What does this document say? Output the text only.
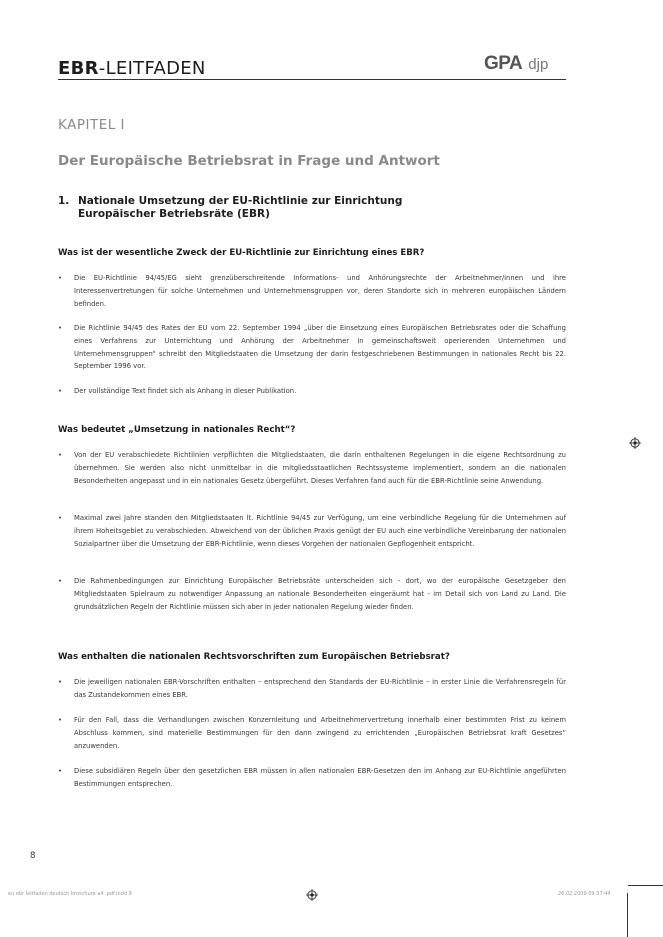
EBR-LEITFADEN	GPA djp
KAPITEL I
Der Europäische Betriebsrat in Frage und Antwort
1. Nationale Umsetzung der EU-Richtlinie zur Einrichtung
Europäischer Betriebsräte (EBR)
Was ist der wesentliche Zweck der EU-Richtlinie zur Einrichtung eines EBR?
•	Die EU-Richtlinie 94/45/EG sieht grenzüberschreitende Informations- und Anhörungsrechte der Arbeitnehmer/innen und ihre Interessenvertretungen für solche Unternehmen und Unternehmensgruppen vor, deren Standorte sich in mehreren europäischen Ländern befinden.
•	Die Richtlinie 94/45 des Rates der EU vom 22. September 1994 „über die Einsetzung eines Europäischen Betriebsrates oder die Schaffung eines Verfahrens zur Unterrichtung und Anhörung der Arbeitnehmer in gemeinschaftsweit operierenden Unternehmen und Unternehmensgruppen“ schreibt den Mitgliedstaaten die Umsetzung der darin festgeschriebenen Bestimmungen in nationales Recht bis 22. September 1996 vor.
•	Der vollständige Text findet sich als Anhang in dieser Publikation.
Was bedeutet „Umsetzung in nationales Recht“?
•	Von der EU verabschiedete Richtlinien verpflichten die Mitgliedstaaten, die darin enthaltenen Regelungen in die eigene Rechtsordnung zu übernehmen. Sie werden also nicht unmittelbar in die mitgliedsstaatlichen Rechtssysteme implementiert, sondern an die nationalen Besonderheiten angepasst und in ein nationales Gesetz übergeführt. Dieses Verfahren fand auch für die EBR-Richtlinie seine Anwendung.
•	Maximal zwei Jahre standen den Mitgliedstaaten lt. Richtlinie 94/45 zur Verfügung, um eine verbindliche Regelung für die Unternehmen auf ihrem Hoheitsgebiet zu verabschieden. Abweichend von der üblichen Praxis genügt der EU auch eine verbindliche Vereinbarung der nationalen Sozialpartner über die Umsetzung der EBR-Richtlinie, wenn dieses Vorgehen der nationalen Gepflogenheit entspricht.
•	Die Rahmenbedingungen zur Einrichtung Europäischer Betriebsräte unterscheiden sich - dort, wo der europäische Gesetzgeber den Mitgliedstaaten Spielraum zu notwendiger Anpassung an nationale Besonderheiten eingeräumt hat - im Detail sich von Land zu Land. Die grundsätzlichen Regeln der Richtlinie müssen sich aber in jeder nationalen Regelung wieder finden.
Was enthalten die nationalen Rechtsvorschriften zum Europäischen Betriebsrat?
•	Die jeweiligen nationalen EBR-Vorschriften enthalten – entsprechend den Standards der EU-Richtlinie – in erster Linie die Verfahrensregeln für das Zustandekommen eines EBR.
•	Für den Fall, dass die Verhandlungen zwischen Konzernleitung und Arbeitnehmervertretung innerhalb einer bestimmten Frist zu keinem Abschluss kommen, sind materielle Bestimmungen für den dann zwingend zu errichtenden „Europäischen Betriebsrat kraft Gesetzes“ anzuwenden.
•	Diese subsidiären Regeln über den gesetzlichen EBR müssen in allen nationalen EBR-Gesetzen den im Anhang zur EU-Richtlinie angeführten Bestimmungen entsprechen.
8
eu ebr leitfaden deutsch broschure a4 .pdf.indd 8	26.02.2009 09:37:44
